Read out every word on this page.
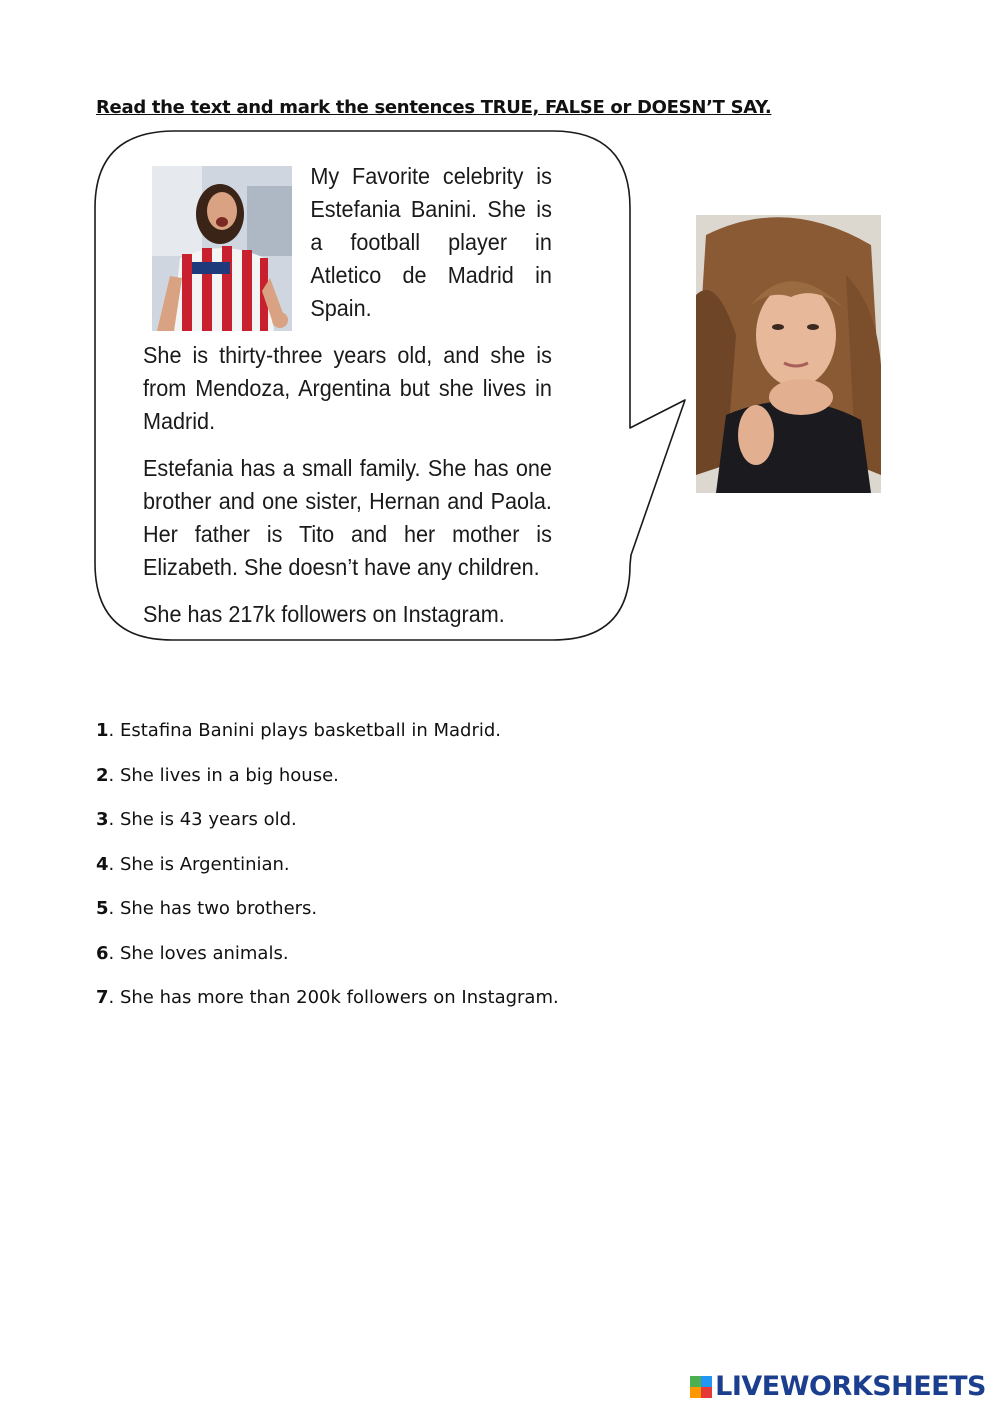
Read the text and mark the sentences TRUE, FALSE or DOESN’T SAY.

My Favorite celebrity is Estefania Banini. She is a football player in Atletico de Madrid in Spain.

She is thirty-three years old, and she is from Mendoza, Argentina but she lives in Madrid.

Estefania has a small family. She has one brother and one sister, Hernan and Paola. Her father is Tito and her mother is Elizabeth. She doesn’t have any children.

She has 217k followers on Instagram.

1. Estafina Banini plays basketball in Madrid.
2. She lives in a big house.
3. She is 43 years old.
4. She is Argentinian.
5. She has two brothers.
6. She loves animals.
7. She has more than 200k followers on Instagram.
LIVEWORKSHEETS
